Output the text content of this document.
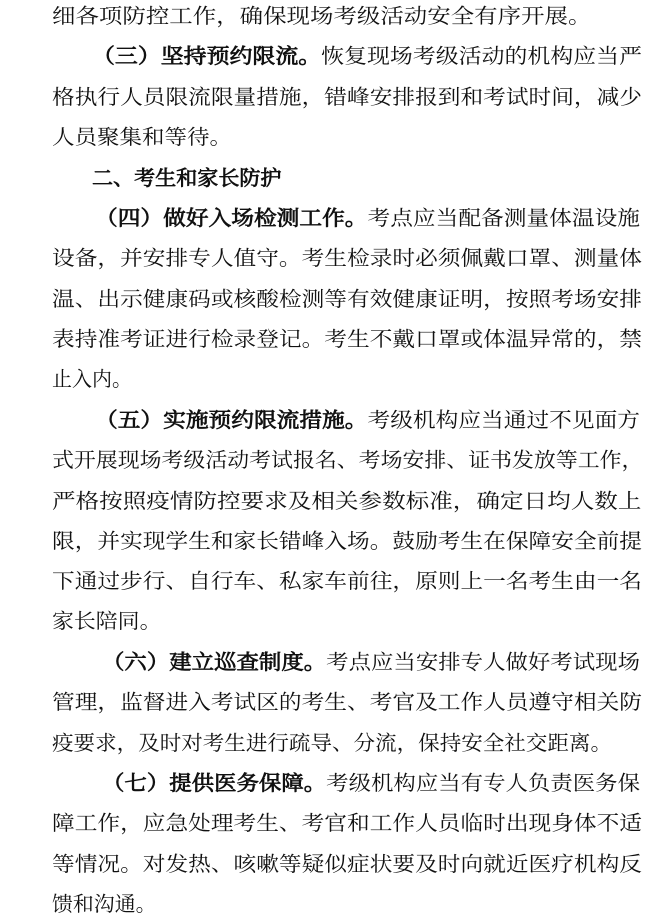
细各项防控工作，确保现场考级活动安全有序开展。
（三）坚持预约限流。恢复现场考级活动的机构应当严
格执行人员限流限量措施，错峰安排报到和考试时间，减少
人员聚集和等待。
二、考生和家长防护
（四）做好入场检测工作。考点应当配备测量体温设施
设备，并安排专人值守。考生检录时必须佩戴口罩、测量体
温、出示健康码或核酸检测等有效健康证明，按照考场安排
表持准考证进行检录登记。考生不戴口罩或体温异常的，禁
止入内。
（五）实施预约限流措施。考级机构应当通过不见面方
式开展现场考级活动考试报名、考场安排、证书发放等工作，
严格按照疫情防控要求及相关参数标准，确定日均人数上
限，并实现学生和家长错峰入场。鼓励考生在保障安全前提
下通过步行、自行车、私家车前往，原则上一名考生由一名
家长陪同。
（六）建立巡查制度。考点应当安排专人做好考试现场
管理，监督进入考试区的考生、考官及工作人员遵守相关防
疫要求，及时对考生进行疏导、分流，保持安全社交距离。
（七）提供医务保障。考级机构应当有专人负责医务保
障工作，应急处理考生、考官和工作人员临时出现身体不适
等情况。对发热、咳嗽等疑似症状要及时向就近医疗机构反
馈和沟通。
